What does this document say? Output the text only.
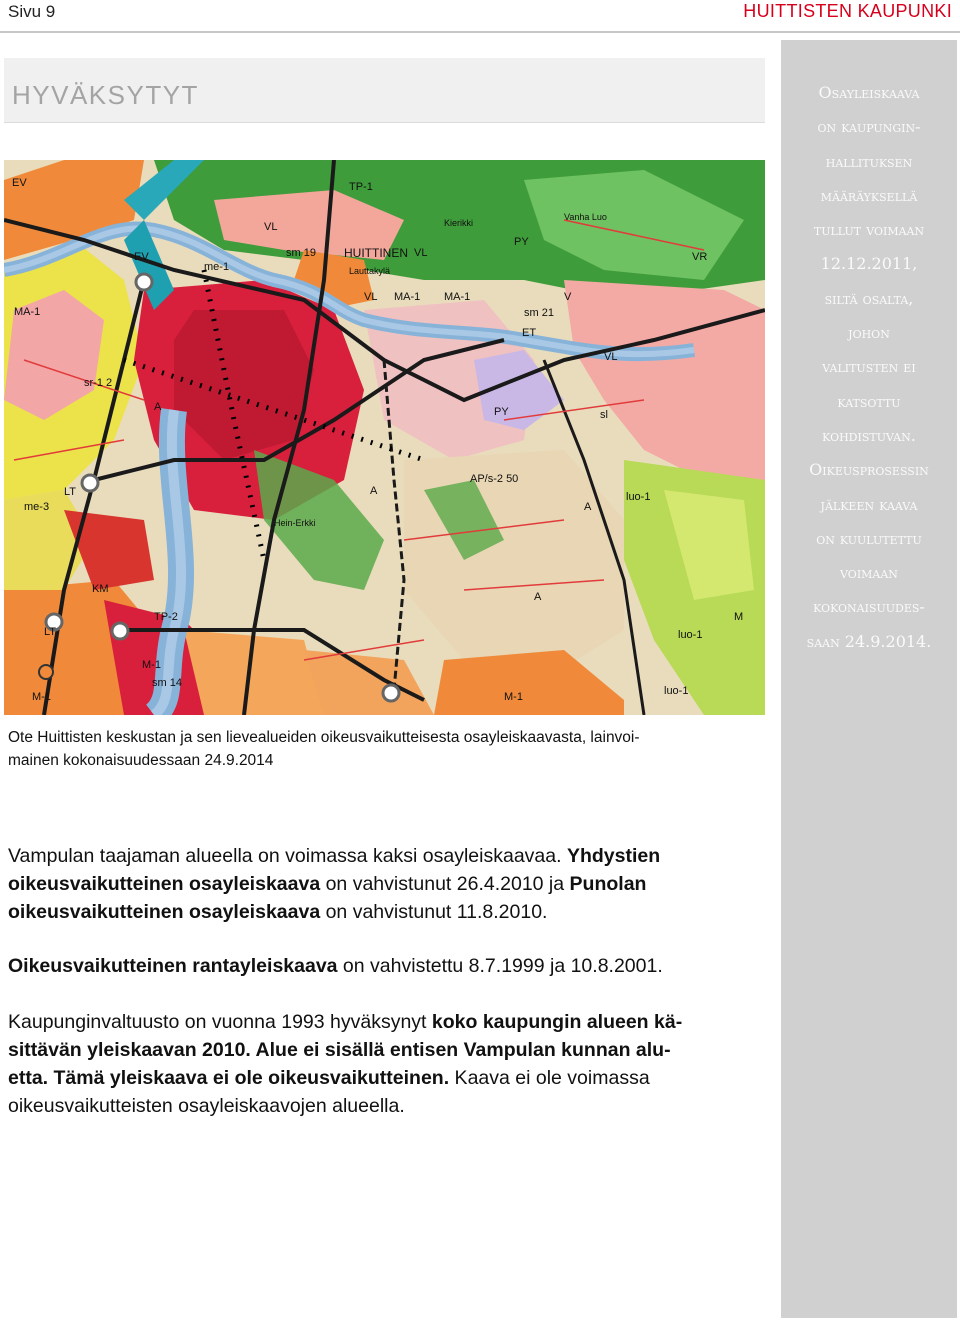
Sivu 9	HUITTISTEN KAUPUNKI
HYVÄKSYTYT	Osayleiskaava
on kaupungin-
hallituksen
määräyksellä
tullut voimaan
12.12.2011,
siltä osalta,
johon
valitusten ei
katsottu
kohdistuvan.
Oikeusprosessin
jälkeen kaava
on kuulutettu
voimaan
kokonaisuudes-
saan 24.9.2014.
HUITTINEN
MA-1
MA-1 MA-1
VL
VL
VL
VL
EV
EV
TP-1
TP-2
LT
LT
KM
PY
PY
A
A
A
A
M-1
M-1	M-1
M
luo-1
luo-1
luo-1
VR
sm 19
sm 14
sm 21
sl
ET
V
me-3
me-1
AP/s-2 50
sr-1 2
Kierikki
Vanha Luo
Lauttakylä
Hein-Erkki
Ote Huittisten keskustan ja sen lievealueiden oikeusvaikutteisesta osayleiskaavasta, lainvoi-
mainen kokonaisuudessaan 24.9.2014
Vampulan taajaman alueella on voimassa kaksi osayleiskaavaa. Yhdystien
oikeusvaikutteinen osayleiskaava on vahvistunut 26.4.2010 ja Punolan
oikeusvaikutteinen osayleiskaava on vahvistunut 11.8.2010.
Oikeusvaikutteinen rantayleiskaava on vahvistettu 8.7.1999 ja 10.8.2001.
Kaupunginvaltuusto on vuonna 1993 hyväksynyt koko kaupungin alueen kä-
sittävän yleiskaavan 2010. Alue ei sisällä entisen Vampulan kunnan alu-
etta. Tämä yleiskaava ei ole oikeusvaikutteinen. Kaava ei ole voimassa
oikeusvaikutteisten osayleiskaavojen alueella.
